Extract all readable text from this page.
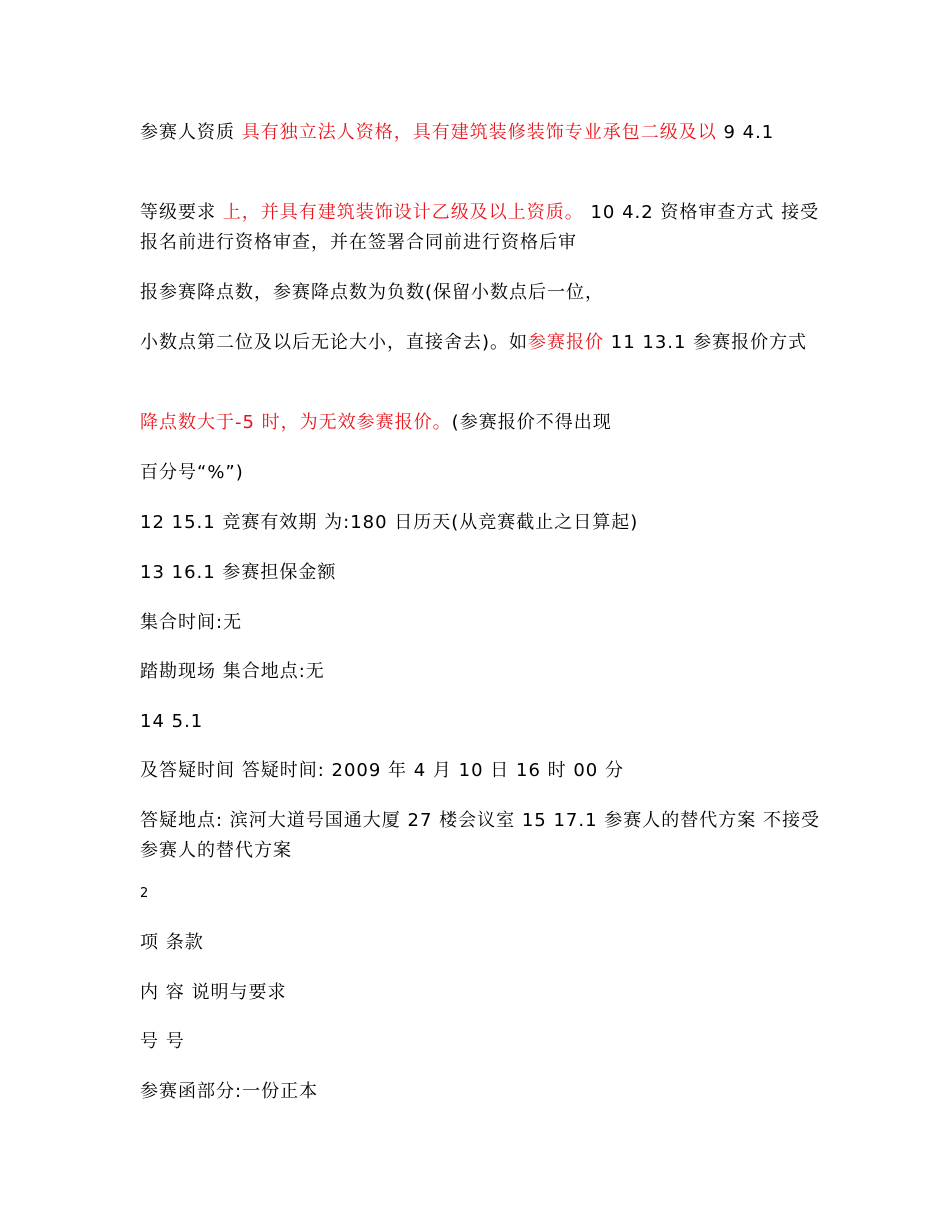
参赛人资质 具有独立法人资格，具有建筑装修装饰专业承包二级及以 9 4.1

等级要求 上，并具有建筑装饰设计乙级及以上资质。 10 4.2 资格审查方式 接受报名前进行资格审查，并在签署合同前进行资格后审

报参赛降点数，参赛降点数为负数(保留小数点后一位，

小数点第二位及以后无论大小，直接舍去)。如参赛报价 11 13.1 参赛报价方式

降点数大于-5 时，为无效参赛报价。(参赛报价不得出现

百分号“%”)

12 15.1 竞赛有效期 为:180 日历天(从竞赛截止之日算起)

13 16.1 参赛担保金额

集合时间:无

踏勘现场 集合地点:无

14 5.1

及答疑时间 答疑时间: 2009 年 4 月 10 日 16 时 00 分

答疑地点: 滨河大道号国通大厦 27 楼会议室 15 17.1 参赛人的替代方案 不接受参赛人的替代方案

2

项 条款

内 容 说明与要求

号 号

参赛函部分:一份正本
